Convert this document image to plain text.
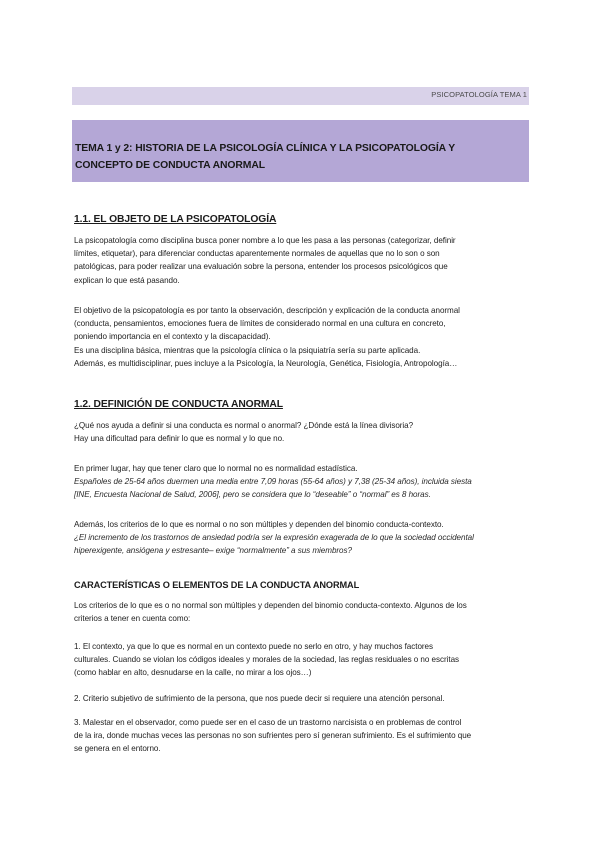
PSICOPATOLOGÍA TEMA 1
TEMA 1 y 2: HISTORIA DE LA PSICOLOGÍA CLÍNICA Y LA PSICOPATOLOGÍA Y
CONCEPTO DE CONDUCTA ANORMAL
1.1. EL OBJETO DE LA PSICOPATOLOGÍA
La psicopatología como disciplina busca poner nombre a lo que les pasa a las personas (categorizar, definir
límites, etiquetar), para diferenciar conductas aparentemente normales de aquellas que no lo son o son
patológicas, para poder realizar una evaluación sobre la persona, entender los procesos psicológicos que
explican lo que está pasando.
El objetivo de la psicopatología es por tanto la observación, descripción y explicación de la conducta anormal
(conducta, pensamientos, emociones fuera de límites de considerado normal en una cultura en concreto,
poniendo importancia en el contexto y la discapacidad).
Es una disciplina básica, mientras que la psicología clínica o la psiquiatría sería su parte aplicada.
Además, es multidisciplinar, pues incluye a la Psicología, la Neurología, Genética, Fisiología, Antropología…
1.2. DEFINICIÓN DE CONDUCTA ANORMAL
¿Qué nos ayuda a definir si una conducta es normal o anormal? ¿Dónde está la línea divisoria?
Hay una dificultad para definir lo que es normal y lo que no.
En primer lugar, hay que tener claro que lo normal no es normalidad estadística.
Españoles de 25-64 años duermen una media entre 7,09 horas (55-64 años) y 7,38 (25-34 años), incluida siesta
[INE, Encuesta Nacional de Salud, 2006], pero se considera que lo “deseable” o “normal” es 8 horas.
Además, los criterios de lo que es normal o no son múltiples y dependen del binomio conducta-contexto.
¿El incremento de los trastornos de ansiedad podría ser la expresión exagerada de lo que la sociedad occidental
hiperexigente, ansiógena y estresante– exige “normalmente” a sus miembros?
CARACTERÍSTICAS O ELEMENTOS DE LA CONDUCTA ANORMAL
Los criterios de lo que es o no normal son múltiples y dependen del binomio conducta-contexto. Algunos de los
criterios a tener en cuenta como:
1. El contexto, ya que lo que es normal en un contexto puede no serlo en otro, y hay muchos factores
culturales. Cuando se violan los códigos ideales y morales de la sociedad, las reglas residuales o no escritas
(como hablar en alto, desnudarse en la calle, no mirar a los ojos…)
2. Criterio subjetivo de sufrimiento de la persona, que nos puede decir si requiere una atención personal.
3. Malestar en el observador, como puede ser en el caso de un trastorno narcisista o en problemas de control
de la ira, donde muchas veces las personas no son sufrientes pero sí generan sufrimiento. Es el sufrimiento que
se genera en el entorno.
